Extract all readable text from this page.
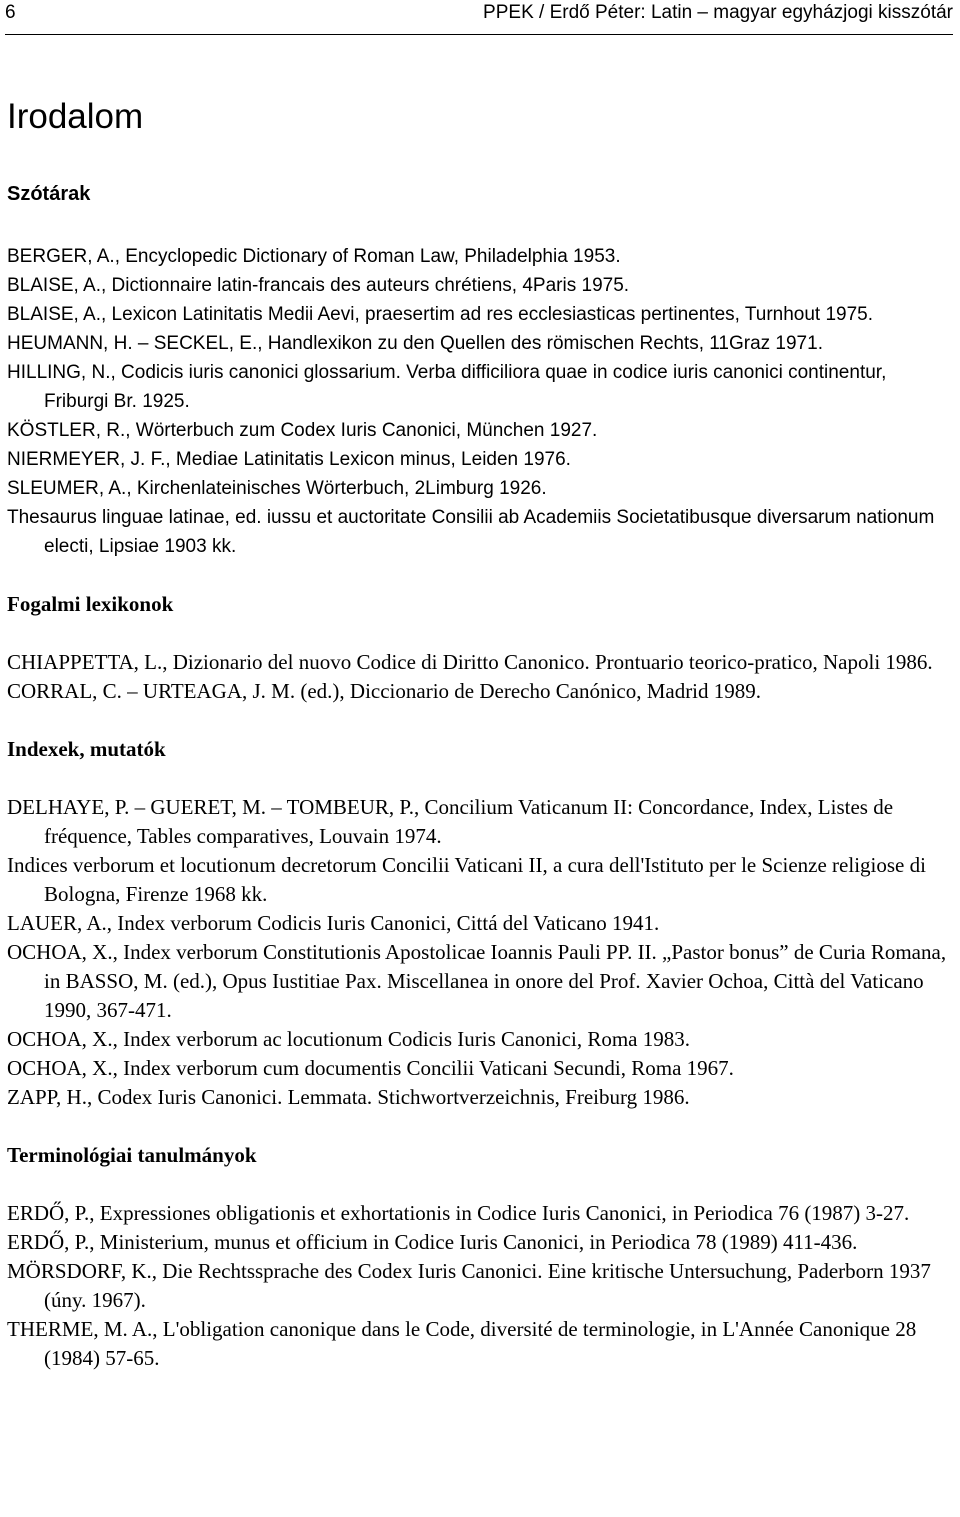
6	PPEK / Erdő Péter: Latin – magyar egyházjogi kisszótár
Irodalom
Szótárak

BERGER, A., Encyclopedic Dictionary of Roman Law, Philadelphia 1953.

BLAISE, A., Dictionnaire latin-francais des auteurs chrétiens, 4Paris 1975.

BLAISE, A., Lexicon Latinitatis Medii Aevi, praesertim ad res ecclesiasticas pertinentes, Turnhout 1975.

HEUMANN, H. – SECKEL, E., Handlexikon zu den Quellen des römischen Rechts, 11Graz 1971.

HILLING, N., Codicis iuris canonici glossarium. Verba difficiliora quae in codice iuris canonici continentur, Friburgi Br. 1925.

KÖSTLER, R., Wörterbuch zum Codex Iuris Canonici, München 1927.

NIERMEYER, J. F., Mediae Latinitatis Lexicon minus, Leiden 1976.

SLEUMER, A., Kirchenlateinisches Wörterbuch, 2Limburg 1926.

Thesaurus linguae latinae, ed. iussu et auctoritate Consilii ab Academiis Societatibusque diversarum nationum electi, Lipsiae 1903 kk.

Fogalmi lexikonok

CHIAPPETTA, L., Dizionario del nuovo Codice di Diritto Canonico. Prontuario teorico-pratico, Napoli 1986.

CORRAL, C. – URTEAGA, J. M. (ed.), Diccionario de Derecho Canónico, Madrid 1989.

Indexek, mutatók

DELHAYE, P. – GUERET, M. – TOMBEUR, P., Concilium Vaticanum II: Concordance, Index, Listes de fréquence, Tables comparatives, Louvain 1974.

Indices verborum et locutionum decretorum Concilii Vaticani II, a cura dell'Istituto per le Scienze religiose di Bologna, Firenze 1968 kk.

LAUER, A., Index verborum Codicis Iuris Canonici, Cittá del Vaticano 1941.

OCHOA, X., Index verborum Constitutionis Apostolicae Ioannis Pauli PP. II. „Pastor bonus” de Curia Romana, in BASSO, M. (ed.), Opus Iustitiae Pax. Miscellanea in onore del Prof. Xavier Ochoa, Città del Vaticano 1990, 367-471.

OCHOA, X., Index verborum ac locutionum Codicis Iuris Canonici, Roma 1983.

OCHOA, X., Index verborum cum documentis Concilii Vaticani Secundi, Roma 1967.

ZAPP, H., Codex Iuris Canonici. Lemmata. Stichwortverzeichnis, Freiburg 1986.

Terminológiai tanulmányok

ERDŐ, P., Expressiones obligationis et exhortationis in Codice Iuris Canonici, in Periodica 76 (1987) 3-27.

ERDŐ, P., Ministerium, munus et officium in Codice Iuris Canonici, in Periodica 78 (1989) 411-436.

MÖRSDORF, K., Die Rechtssprache des Codex Iuris Canonici. Eine kritische Untersuchung, Paderborn 1937 (úny. 1967).

THERME, M. A., L'obligation canonique dans le Code, diversité de terminologie, in L'Année Canonique 28 (1984) 57-65.
